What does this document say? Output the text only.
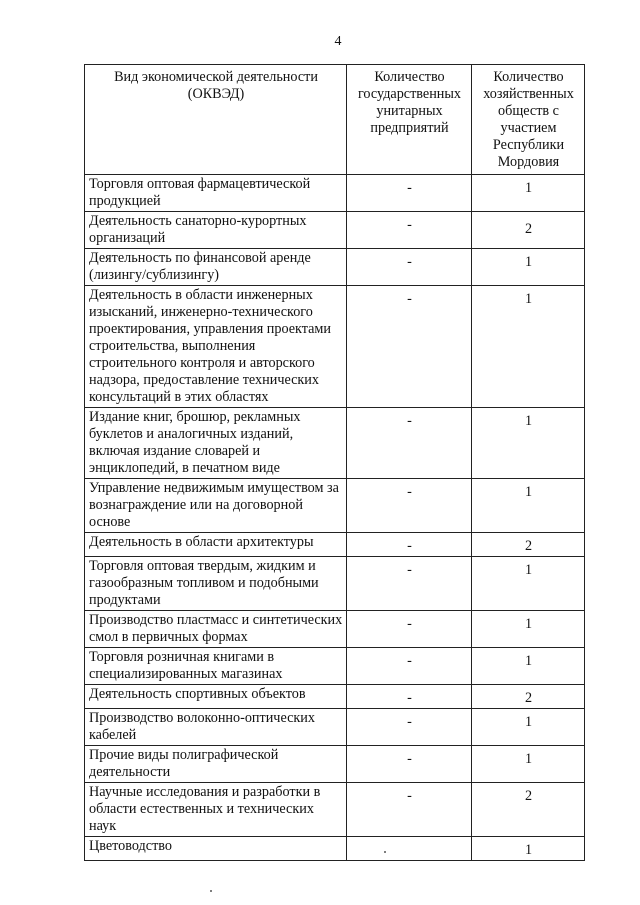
4
Вид экономической деятельности (ОКВЭД)	Количество государственных унитарных предприятий	Количество хозяйственных обществ с участием Республики Мордовия
Торговля оптовая фармацевтической продукцией	-	1
Деятельность санаторно-курортных организаций	-	2
Деятельность по финансовой аренде (лизингу/сублизингу)	-	1
Деятельность в области инженерных изысканий, инженерно-технического проектирования, управления проектами строительства, выполнения строительного контроля и авторского надзора, предоставление технических консультаций в этих областях	-	1
Издание книг, брошюр, рекламных буклетов и аналогичных изданий, включая издание словарей и энциклопедий, в печатном виде	-	1
Управление недвижимым имуществом за вознаграждение или на договорной основе	-	1
Деятельность в области архитектуры	-	2
Торговля оптовая твердым, жидким и газообразным топливом и подобными продуктами	-	1
Производство пластмасс и синтетических смол в первичных формах	-	1
Торговля розничная книгами в специализированных магазинах	-	1
Деятельность спортивных объектов	-	2
Производство волоконно-оптических кабелей	-	1
Прочие виды полиграфической деятельности	-	1
Научные исследования и разработки в области естественных и технических наук	-	2
Цветоводство		1
